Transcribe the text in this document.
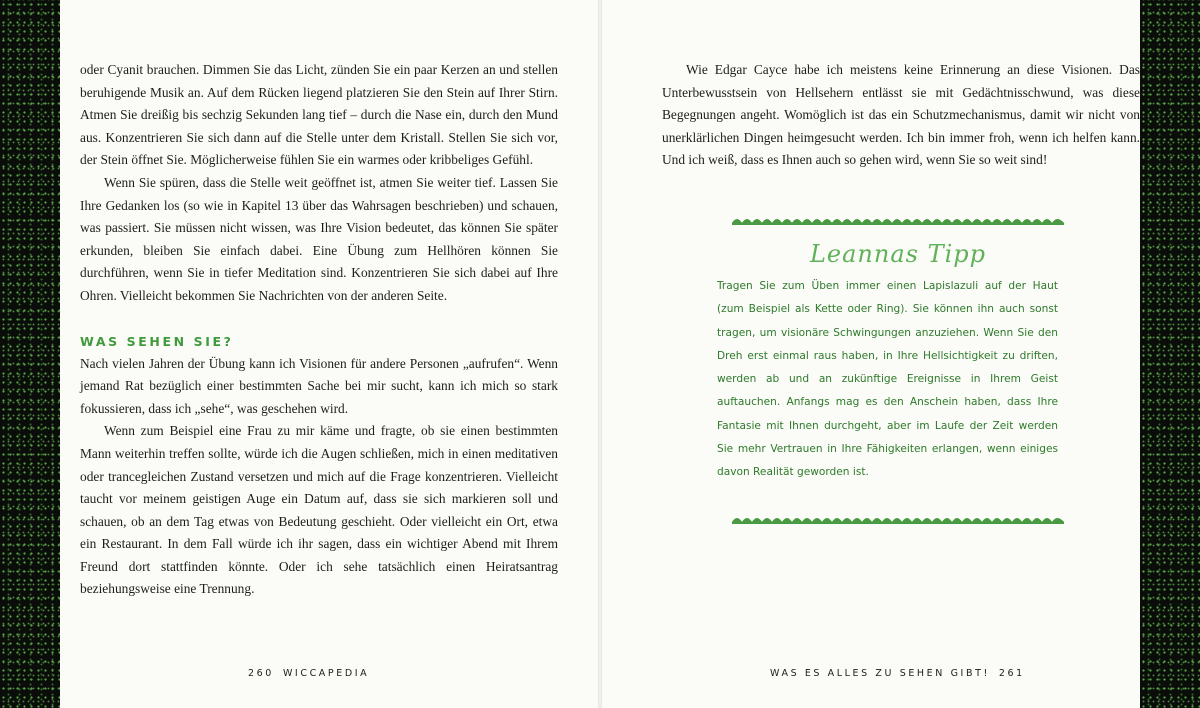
oder Cyanit brauchen. Dimmen Sie das Licht, zünden Sie ein paar Kerzen an und stellen beruhigende Musik an. Auf dem Rücken liegend platzieren Sie den Stein auf Ihrer Stirn. Atmen Sie dreißig bis sechzig Sekunden lang tief – durch die Nase ein, durch den Mund aus. Konzentrieren Sie sich dann auf die Stelle unter dem Kristall. Stellen Sie sich vor, der Stein öffnet Sie. Möglicherweise fühlen Sie ein warmes oder kribbeliges Gefühl.

Wenn Sie spüren, dass die Stelle weit geöffnet ist, atmen Sie weiter tief. Lassen Sie Ihre Gedanken los (so wie in Kapitel 13 über das Wahrsagen beschrieben) und schauen, was passiert. Sie müssen nicht wissen, was Ihre Vision bedeutet, das können Sie später erkunden, bleiben Sie einfach dabei. Eine Übung zum Hellhören können Sie durchführen, wenn Sie in tiefer Meditation sind. Konzentrieren Sie sich dabei auf Ihre Ohren. Vielleicht bekommen Sie Nachrichten von der anderen Seite.

WAS SEHEN SIE?

Nach vielen Jahren der Übung kann ich Visionen für andere Personen „aufrufen“. Wenn jemand Rat bezüglich einer bestimmten Sache bei mir sucht, kann ich mich so stark fokussieren, dass ich „sehe“, was geschehen wird.

Wenn zum Beispiel eine Frau zu mir käme und fragte, ob sie einen bestimmten Mann weiterhin treffen sollte, würde ich die Augen schließen, mich in einen meditativen oder trancegleichen Zustand versetzen und mich auf die Frage konzentrieren. Vielleicht taucht vor meinem geistigen Auge ein Datum auf, dass sie sich markieren soll und schauen, ob an dem Tag etwas von Bedeutung geschieht. Oder vielleicht ein Ort, etwa ein Restaurant. In dem Fall würde ich ihr sagen, dass ein wichtiger Abend mit Ihrem Freund dort stattfinden könnte. Oder ich sehe tatsächlich einen Heiratsantrag beziehungsweise eine Trennung.

260 WICCAPEDIA

Wie Edgar Cayce habe ich meistens keine Erinnerung an diese Visionen. Das Unterbewusstsein von Hellsehern entlässt sie mit Gedächtnisschwund, was diese Begegnungen angeht. Womöglich ist das ein Schutzmechanismus, damit wir nicht von unerklärlichen Dingen heimgesucht werden. Ich bin immer froh, wenn ich helfen kann. Und ich weiß, dass es Ihnen auch so gehen wird, wenn Sie so weit sind!

Leannas Tipp

Tragen Sie zum Üben immer einen Lapislazuli auf der Haut (zum Beispiel als Kette oder Ring). Sie können ihn auch sonst tragen, um visionäre Schwingungen anzuziehen. Wenn Sie den Dreh erst einmal raus haben, in Ihre Hellsichtigkeit zu driften, werden ab und an zukünftige Ereignisse in Ihrem Geist auftauchen. Anfangs mag es den Anschein haben, dass Ihre Fantasie mit Ihnen durchgeht, aber im Laufe der Zeit werden Sie mehr Vertrauen in Ihre Fähigkeiten erlangen, wenn einiges davon Realität geworden ist.

WAS ES ALLES ZU SEHEN GIBT! 261
